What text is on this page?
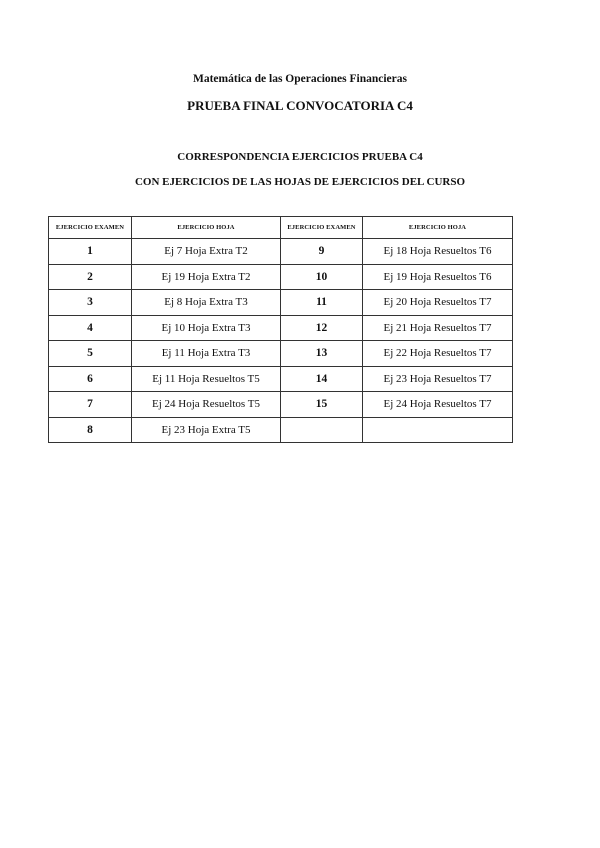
Matemática de las Operaciones Financieras
PRUEBA FINAL CONVOCATORIA C4
CORRESPONDENCIA EJERCICIOS PRUEBA C4
CON EJERCICIOS DE LAS HOJAS DE EJERCICIOS DEL CURSO
EJERCICIO EXAMEN	EJERCICIO HOJA	EJERCICIO EXAMEN	EJERCICIO HOJA
1	Ej 7 Hoja Extra T2	9	Ej 18 Hoja Resueltos T6
2	Ej 19 Hoja Extra T2	10	Ej 19 Hoja Resueltos T6
3	Ej 8 Hoja Extra T3	11	Ej 20 Hoja Resueltos T7
4	Ej 10 Hoja Extra T3	12	Ej 21 Hoja Resueltos T7
5	Ej 11 Hoja Extra T3	13	Ej 22 Hoja Resueltos T7
6	Ej 11 Hoja Resueltos T5	14	Ej 23 Hoja Resueltos T7
7	Ej 24 Hoja Resueltos T5	15	Ej 24 Hoja Resueltos T7
8	Ej 23 Hoja Extra T5		
